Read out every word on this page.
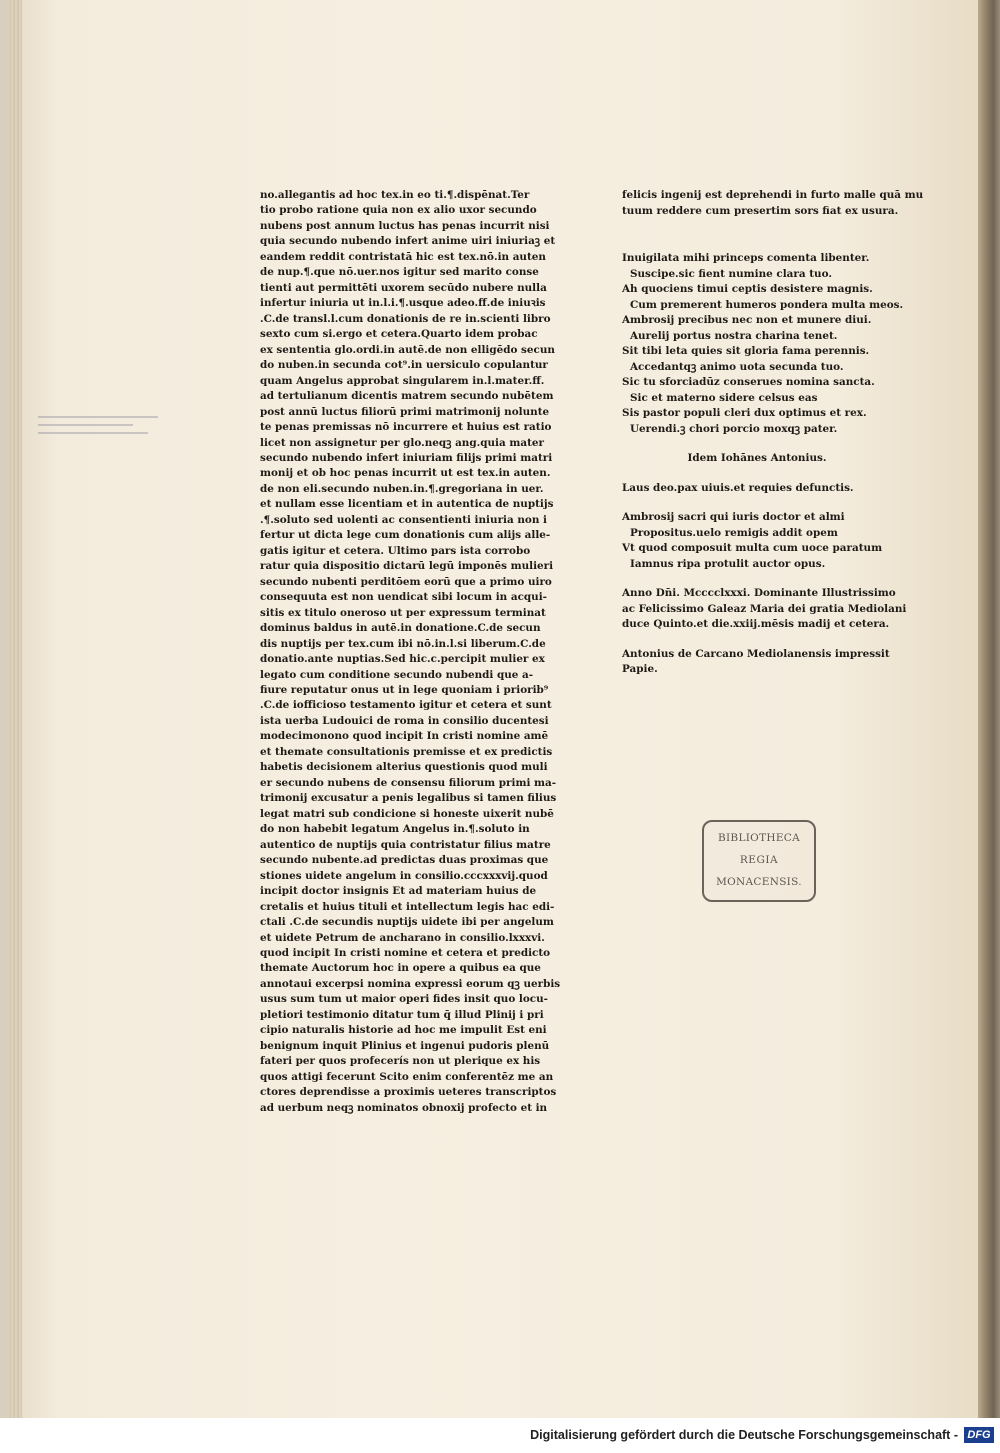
no.allegantis ad hoc tex.in eo ti.¶.dispēnat.Ter
tio probo ratione quia non ex alio uxor secundo
nubens post annum luctus has penas incurrit nisi
quia secundo nubendo infert anime uiri iniuriaꝫ et
eandem reddit contristatā hic est tex.nō.in auten
de nup.¶.que nō.uer.nos igitur sed marito conse
tienti aut permittēti uxorem secūdo nubere nulla
infertur iniuria ut in.l.i.¶.usque adeo.ff.de iniuꝛis
.C.de transl.l.cum donationis de re in.scienti libro
sexto cum si.ergo et cetera.Quarto idem probac
ex sententia glo.ordi.in autē.de non elligēdo secun
do nuben.in secunda cot⁹.in uersiculo copulantur
quam Angelus approbat singularem in.l.mater.ff.
ad tertulianum dicentis matrem secundo nubētem
post annū luctus filiorū primi matrimonij nolunte
te penas premissas nō incurrere et huius est ratio
licet non assignetur per glo.neqꝫ ang.quia mater
secundo nubendo infert iniuriam filijs primi matri
monij et ob hoc penas incurrit ut est tex.in auten.
de non eli.secundo nuben.in.¶.gregoriana in uer.
et nullam esse licentiam et in autentica de nuptijs
.¶.soluto sed uolenti ac consentienti iniuria non i
fertur ut dicta lege cum donationis cum alijs alle-
gatis igitur et cetera. Ultimo pars ista corrobo
ratur quia dispositio dictarū legū imponēs mulieri
secundo nubenti perditōem eorū que a primo uiro
consequuta est non uendicat sibi locum in acqui-
sitis ex titulo oneroso ut per expressum terminat
dominus baldus in autē.in donatione.C.de secun
dis nuptijs per tex.cum ibi nō.in.l.si liberum.C.de
donatio.ante nuptias.Sed hic.c.percipit mulier ex
legato cum conditione secundo nubendi que a-
fiure reputatur onus ut in lege quoniam i priorib⁹
.C.de iofficioso testamento igitur et cetera et sunt
ista uerba Ludouici de roma in consilio ducentesi
modecimonono quod incipit In cristi nomine amē
et thematе consultationis premisse et ex predictis
habetis decisionem alterius questionis quod muli
er secundo nubens de consensu filiorum primi ma-
trimonij excusatur a penis legalibus si tamen filius
legat matri sub condicione si honeste uixerit nubē
do non habebit legatum Angelus in.¶.soluto in
autentico de nuptijs quia contristatur filius matre
secundo nubente.ad predictas duas proximas que
stiones uidete angelum in consilio.cccxxxvij.quod
incipit doctor insignis Et ad materiam huius de
cretalis et huius tituli et intellectum legis hac edi-
ctali .C.de secundis nuptijs uidete ibi per angelum
et uidete Petrum de ancharano in consilio.lxxxvi.
quod incipit In cristi nomine et cetera et predicto
themate Auctorum hoc in opere a quibus ea que
annotaui excerpsi nomina expressi eorum qꝫ uerbis
usus sum tum ut maior operi fides insit quo locu-
pletiori testimonio ditatur tum q̄ illud Plinij i pri
cipio naturalis historie ad hoc me impulit Est eni
benignum inquit Plinius et ingenui pudoris plenū
fateri per quos profecerís non ut plerique ex his
quos attigi fecerunt Scito enim conferentēz me an
ctores deprendisse a proximis ueteres transcriptos
ad uerbum neqꝫ nominatos obnoxij profecto et in
felicis ingenij est deprehendi in furto malle quā mu
tuum reddere cum presertim sors fiat ex usura.
Inuigilata mihi princeps comenta libenter.
Suscipe.sic fient numine clara tuo.
Ah quociens timui ceptis desistere magnis.
Cum premerent humeros pondera multa meos.
Ambrosij precibus nec non et munere diui.
Aurelij portus nostra charina tenet.
Sit tibi leta quies sit gloria fama perennis.
Accedantqꝫ animo uota secunda tuo.
Sic tu sforciadūz conserues nomina sancta.
Sic et materno sidere celsus eas
Sis pastor populi cleri dux optimus et rex.
Uerendi.ꝫ chori porcio moxqꝫ pater.
Idem Iohānes Antonius.
Laus deo.pax uiuis.et requies defunctis.
Ambrosij sacri qui iuris doctor et almi
Propositus.uelo remigis addit opem
Vt quod composuit multa cum uocе paratum
Iamnus ripa protulit auctor opus.
Anno Dn̄i. Mcccclxxxi. Dominante Illustrissimo
ac Felicissimo Galeaz Maria dei gratia Mediolani
duce Quinto.et die.xxiij.mēsis madij et cetera.
Antonius de Carcano Mediolanensis impressit
Papie.
BIBLIOTHECA
REGIA
MONACENSIS.
Digitalisierung gefördert durch die Deutsche Forschungsgemeinschaft - DFG
